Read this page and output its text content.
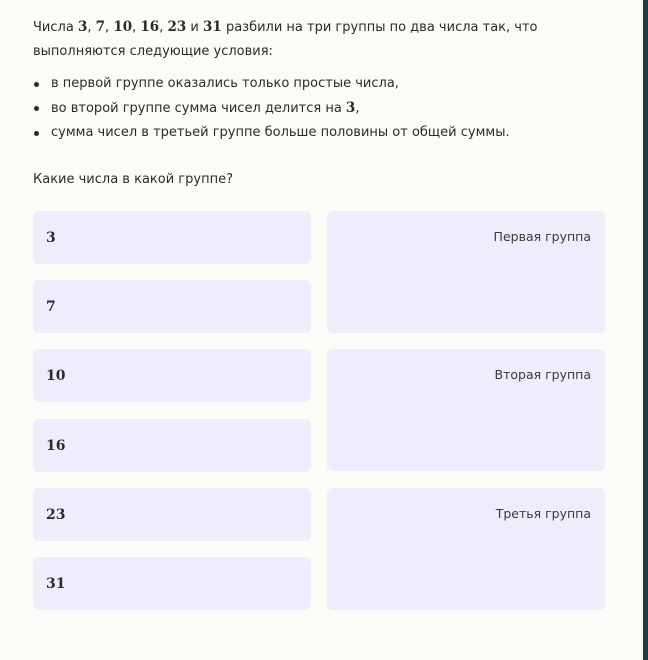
Числа 3, 7, 10, 16, 23 и 31 разбили на три группы по два числа так, что выполняются следующие условия:

в первой группе оказались только простые числа,
во второй группе сумма чисел делится на 3,
сумма чисел в третьей группе больше половины от общей суммы.

Какие числа в какой группе?

3
7
10
16
23
31
Первая группа
Вторая группа
Третья группа
